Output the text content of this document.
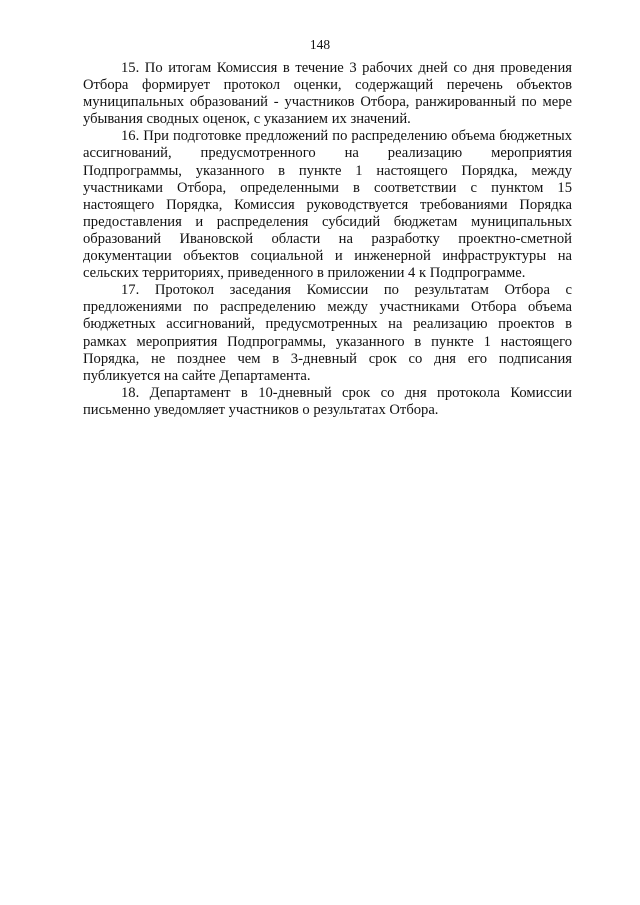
148

15. По итогам Комиссия в течение 3 рабочих дней со дня проведения Отбора формирует протокол оценки, содержащий перечень объектов муниципальных образований - участников Отбора, ранжированный по мере убывания сводных оценок, с указанием их значений.

16. При подготовке предложений по распределению объема бюджетных ассигнований, предусмотренного на реализацию мероприятия Подпрограммы, указанного в пункте 1 настоящего Порядка, между участниками Отбора, определенными в соответствии с пунктом 15 настоящего Порядка, Комиссия руководствуется требованиями Порядка предоставления и распределения субсидий бюджетам муниципальных образований Ивановской области на разработку проектно-сметной документации объектов социальной и инженерной инфраструктуры на сельских территориях, приведенного в приложении 4 к Подпрограмме.

17. Протокол заседания Комиссии по результатам Отбора с предложениями по распределению между участниками Отбора объема бюджетных ассигнований, предусмотренных на реализацию проектов в рамках мероприятия Подпрограммы, указанного в пункте 1 настоящего Порядка, не позднее чем в 3-дневный срок со дня его подписания публикуется на сайте Департамента.

18. Департамент в 10-дневный срок со дня протокола Комиссии письменно уведомляет участников о результатах Отбора.
